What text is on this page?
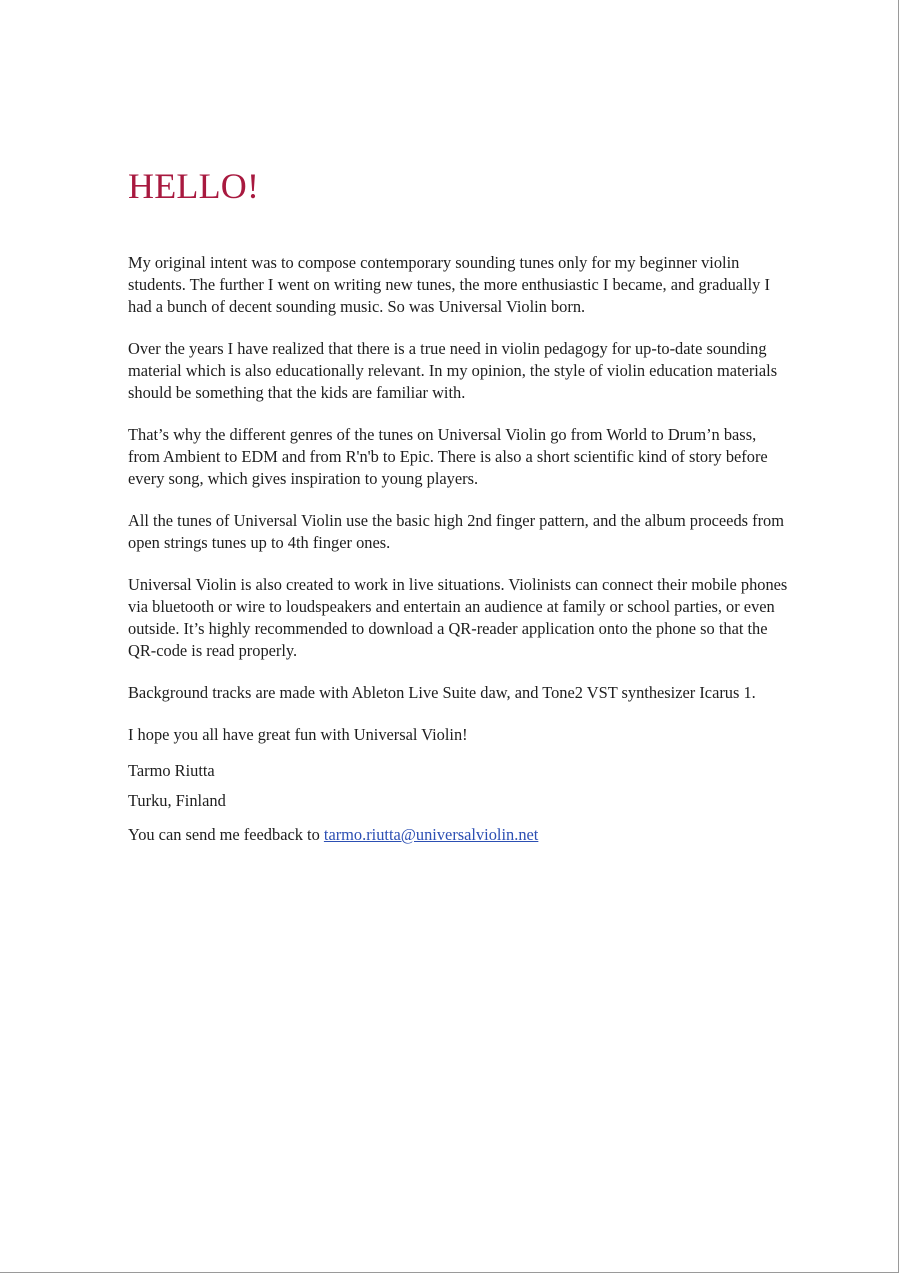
HELLO!

My original intent was to compose contemporary sounding tunes only for my beginner violin students. The further I went on writing new tunes, the more enthusiastic I became, and gradually I had a bunch of decent sounding music. So was Universal Violin born.

Over the years I have realized that there is a true need in violin pedagogy for up-to-date sounding material which is also educationally relevant. In my opinion, the style of violin education materials should be something that the kids are familiar with.

That’s why the different genres of the tunes on Universal Violin go from World to Drum’n bass, from Ambient to EDM and from R'n'b to Epic. There is also a short scientific kind of story before every song, which gives inspiration to young players.

All the tunes of Universal Violin use the basic high 2nd finger pattern, and the album proceeds from open strings tunes up to 4th finger ones.

Universal Violin is also created to work in live situations. Violinists can connect their mobile phones via bluetooth or wire to loudspeakers and entertain an audience at family or school parties, or even outside. It’s highly recommended to download a QR-reader application onto the phone so that the QR-code is read properly.

Background tracks are made with Ableton Live Suite daw, and Tone2 VST synthesizer Icarus 1.

I hope you all have great fun with Universal Violin!

Tarmo Riutta

Turku, Finland

You can send me feedback to tarmo.riutta@universalviolin.net
